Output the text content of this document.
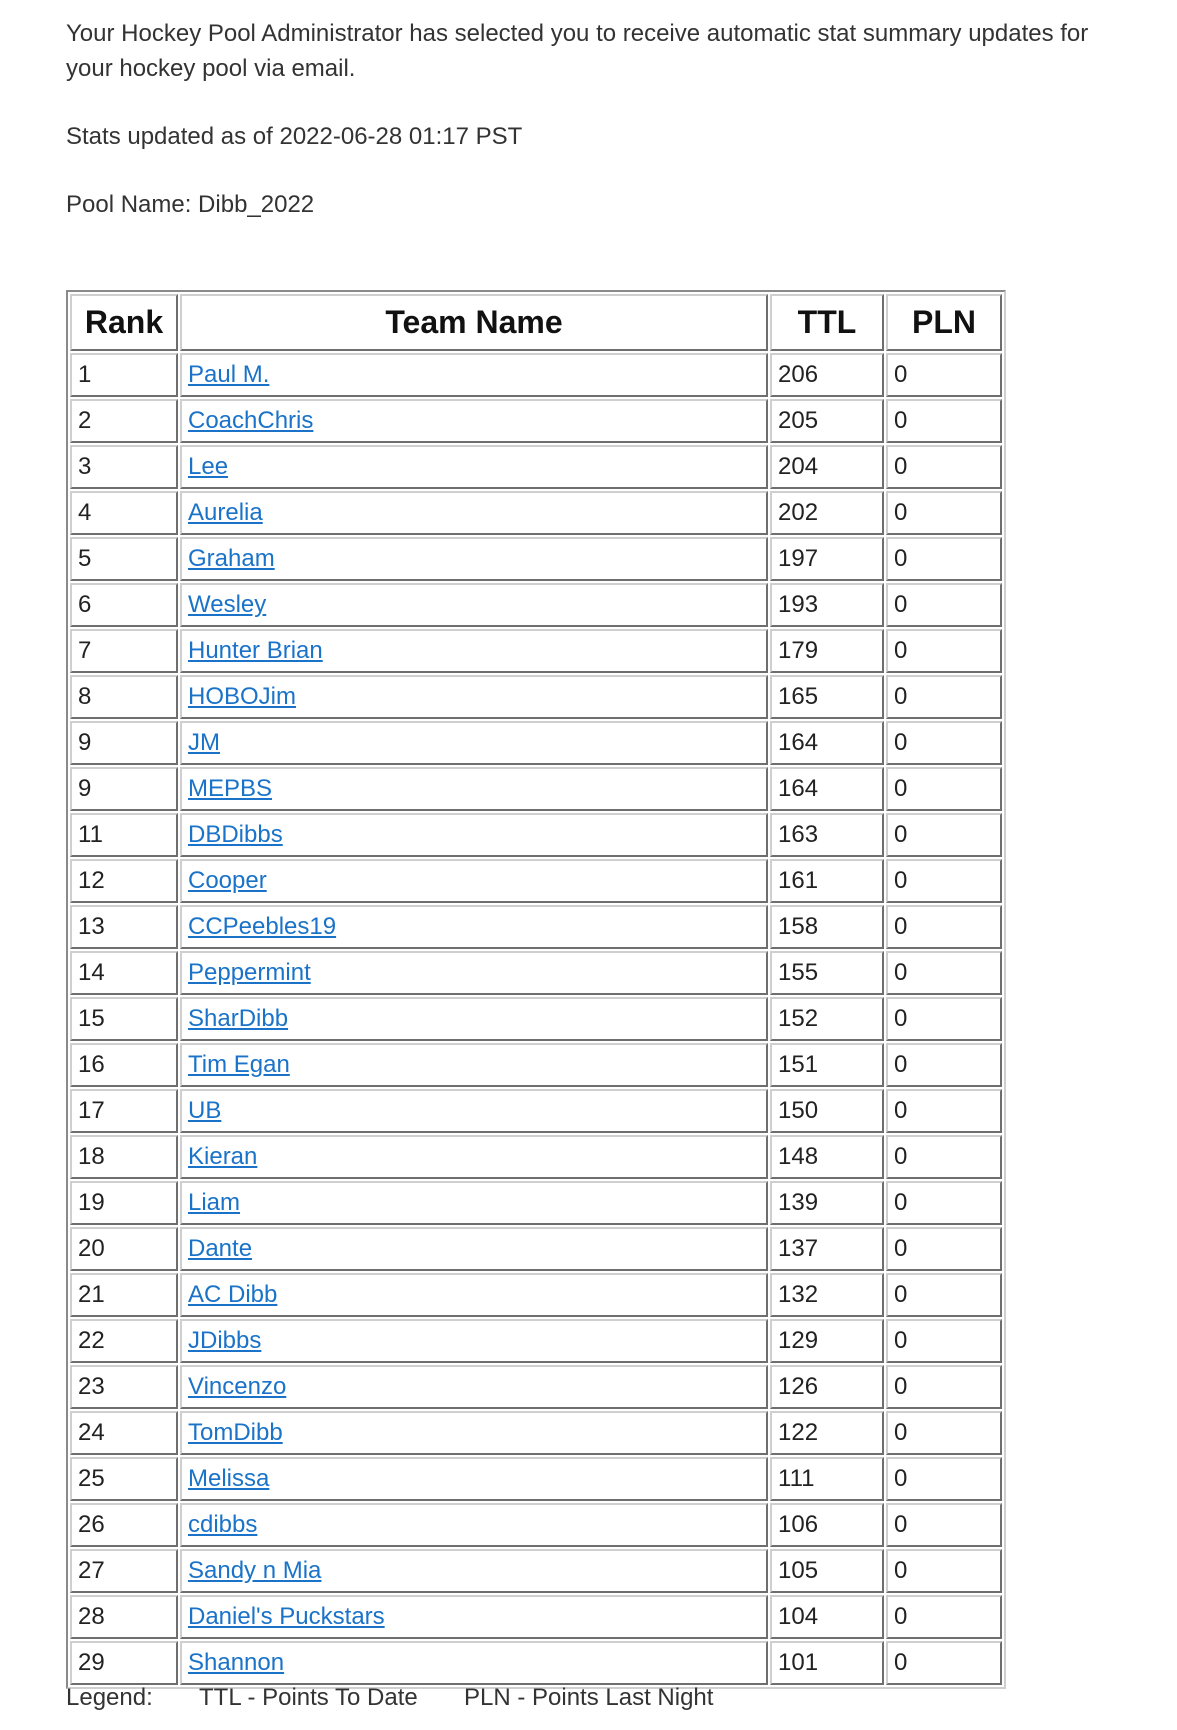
Your Hockey Pool Administrator has selected you to receive automatic stat summary updates for your hockey pool via email.

Stats updated as of 2022-06-28 01:17 PST

Pool Name: Dibb_2022

Rank	Team Name	TTL	PLN
1	Paul M.	206	0
2	CoachChris	205	0
3	Lee	204	0
4	Aurelia	202	0
5	Graham	197	0
6	Wesley	193	0
7	Hunter Brian	179	0
8	HOBOJim	165	0
9	JM	164	0
9	MEPBS	164	0
11	DBDibbs	163	0
12	Cooper	161	0
13	CCPeebles19	158	0
14	Peppermint	155	0
15	SharDibb	152	0
16	Tim Egan	151	0
17	UB	150	0
18	Kieran	148	0
19	Liam	139	0
20	Dante	137	0
21	AC Dibb	132	0
22	JDibbs	129	0
23	Vincenzo	126	0
24	TomDibb	122	0
25	Melissa	111	0
26	cdibbs	106	0
27	Sandy n Mia	105	0
28	Daniel's Puckstars	104	0
29	Shannon	101	0
Legend: TTL - Points To Date PLN - Points Last Night
